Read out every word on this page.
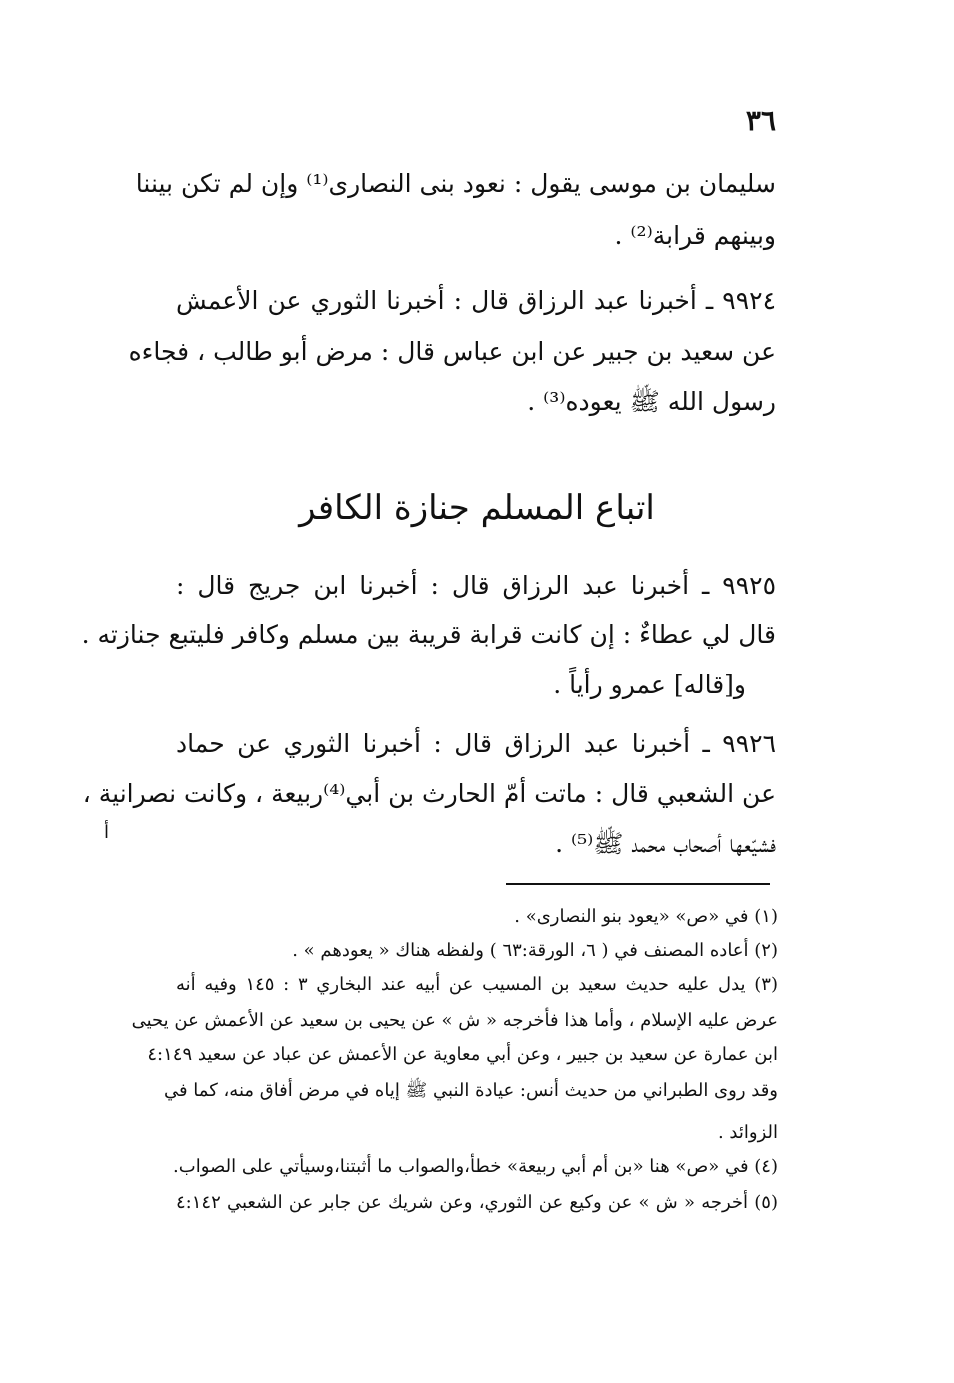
٣٦
سليمان بن موسى يقول : نعود بنى النصارى⁽¹⁾ وإن لم تكن بيننا
وبينهم قرابة⁽²⁾ .
٩٩٢٤ ـ أخبرنا عبد الرزاق قال : أخبرنا الثوري عن الأعمش
عن سعيد بن جبير عن ابن عباس قال : مرض أبو طالب ، فجاءه
رسول الله ﷺ يعوده⁽³⁾ .
اتباع المسلم جنازة الكافر
٩٩٢٥ ـ أخبرنا عبد الرزاق قال : أخبرنا ابن جريج قال :
قال لي عطاءٌ : إن كانت قرابة قريبة بين مسلم وكافر فليتبع جنازته .
و[قاله] عمرو رأياً .
٩٩٢٦ ـ أخبرنا عبد الرزاق قال : أخبرنا الثوري عن حماد
عن الشعبي قال : ماتت أمّ الحارث بن أبي⁽⁴⁾ربيعة ، وكانت نصرانية ،
فشيّعها أصحاب محمد ﷺ⁽⁵⁾ .
أ
(١) في «ص» «يعود بنو النصارى» .
(٢) أعاده المصنف في ( ٦، الورقة:٦٣ ) ولفظه هناك « يعودهم » .
(٣) يدل عليه حديث سعيد بن المسيب عن أبيه عند البخاري ٣ : ١٤٥ وفيه أنه
عرض عليه الإسلام ، وأما هذا فأخرجه « ش » عن يحيى بن سعيد عن الأعمش عن يحيى
ابن عمارة عن سعيد بن جبير ، وعن أبي معاوية عن الأعمش عن عباد عن سعيد ٤:١٤٩
وقد روى الطبراني من حديث أنس: عيادة النبي ﷺ إياه في مرض أفاق منه، كما في
الزوائد .
(٤) في «ص» هنا «بن أم أبي ربيعة» خطأ،والصواب ما أثبتنا،وسيأتي على الصواب.
(٥) أخرجه « ش » عن وكيع عن الثوري، وعن شريك عن جابر عن الشعبي ٤:١٤٢
